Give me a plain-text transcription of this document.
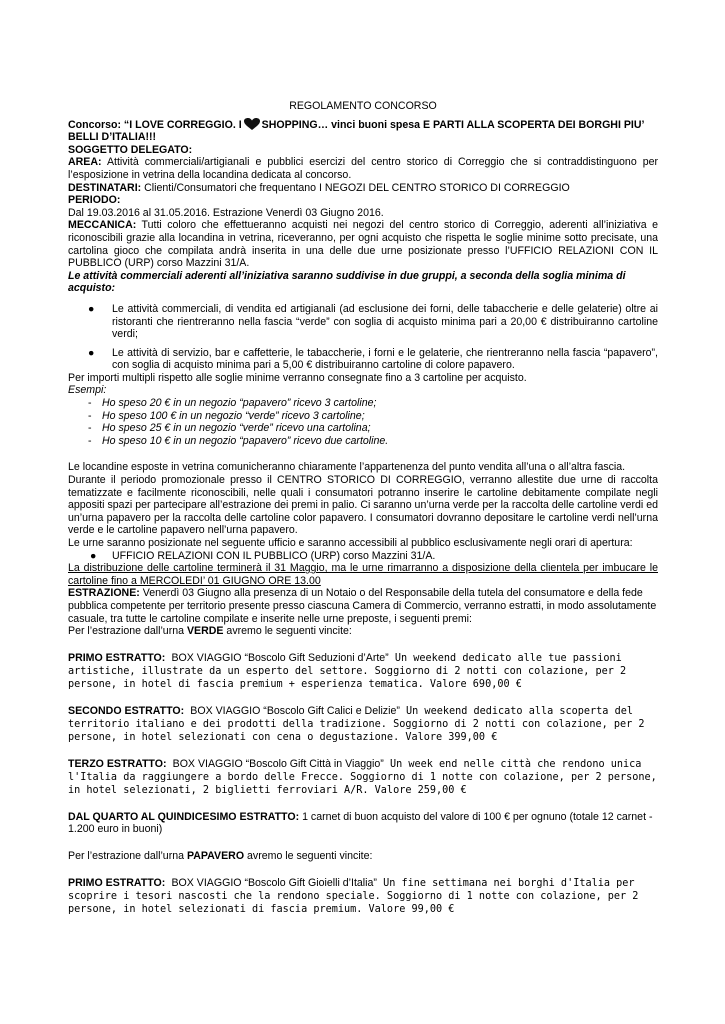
REGOLAMENTO CONCORSO

Concorso: “I LOVE CORREGGIO. I SHOPPING… vinci buoni spesa E PARTI ALLA SCOPERTA DEI BORGHI PIU’ BELLI D’ITALIA!!!

SOGGETTO DELEGATO:

AREA: Attività commerciali/artigianali e pubblici esercizi del centro storico di Correggio che si contraddistinguono per l’esposizione in vetrina della locandina dedicata al concorso.

DESTINATARI: Clienti/Consumatori che frequentano I NEGOZI DEL CENTRO STORICO DI CORREGGIO

PERIODO:

Dal 19.03.2016 al 31.05.2016. Estrazione Venerdì 03 Giugno 2016.

MECCANICA: Tutti coloro che effettueranno acquisti nei negozi del centro storico di Correggio, aderenti all’iniziativa e riconoscibili grazie alla locandina in vetrina, riceveranno, per ogni acquisto che rispetta le soglie minime sotto precisate, una cartolina gioco che compilata andrà inserita in una delle due urne posizionate presso l’UFFICIO RELAZIONI CON IL PUBBLICO (URP) corso Mazzini 31/A.

Le attività commerciali aderenti all’iniziativa saranno suddivise in due gruppi, a seconda della soglia minima di acquisto:

● Le attività commerciali, di vendita ed artigianali (ad esclusione dei forni, delle tabaccherie e delle gelaterie) oltre ai ristoranti che rientreranno nella fascia “verde” con soglia di acquisto minima pari a 20,00 € distribuiranno cartoline verdi;
● Le attività di servizio, bar e caffetterie, le tabaccherie, i forni e le gelaterie, che rientreranno nella fascia “papavero”, con soglia di acquisto minima pari a 5,00 € distribuiranno cartoline di colore papavero.

Per importi multipli rispetto alle soglie minime verranno consegnate fino a 3 cartoline per acquisto.

Esempi:

- Ho speso 20 € in un negozio “papavero” ricevo 3 cartoline;
- Ho speso 100 € in un negozio “verde” ricevo 3 cartoline;
- Ho speso 25 € in un negozio “verde” ricevo una cartolina;
- Ho speso 10 € in un negozio “papavero” ricevo due cartoline.

Le locandine esposte in vetrina comunicheranno chiaramente l’appartenenza del punto vendita all’una o all’altra fascia.

Durante il periodo promozionale presso il CENTRO STORICO DI CORREGGIO, verranno allestite due urne di raccolta tematizzate e facilmente riconoscibili, nelle quali i consumatori potranno inserire le cartoline debitamente compilate negli appositi spazi per partecipare all’estrazione dei premi in palio. Ci saranno un’urna verde per la raccolta delle cartoline verdi ed un’urna papavero per la raccolta delle cartoline color papavero. I consumatori dovranno depositare le cartoline verdi nell’urna verde e le cartoline papavero nell’urna papavero.

Le urne saranno posizionate nel seguente ufficio e saranno accessibili al pubblico esclusivamente negli orari di apertura:

● UFFICIO RELAZIONI CON IL PUBBLICO (URP) corso Mazzini 31/A.

La distribuzione delle cartoline terminerà il 31 Maggio, ma le urne rimarranno a disposizione della clientela per imbucare le cartoline fino a MERCOLEDI’ 01 GIUGNO ORE 13.00

ESTRAZIONE: Venerdì 03 Giugno alla presenza di un Notaio o del Responsabile della tutela del consumatore e della fede pubblica competente per territorio presente presso ciascuna Camera di Commercio, verranno estratti, in modo assolutamente casuale, tra tutte le cartoline compilate e inserite nelle urne preposte, i seguenti premi:

Per l’estrazione dall’urna VERDE avremo le seguenti vincite:

PRIMO ESTRATTO: BOX VIAGGIO “Boscolo Gift Seduzioni d’Arte” Un weekend dedicato alle tue passioni artistiche, illustrate da un esperto del settore. Soggiorno di 2 notti con colazione, per 2 persone, in hotel di fascia premium + esperienza tematica. Valore 690,00 €

SECONDO ESTRATTO: BOX VIAGGIO “Boscolo Gift Calici e Delizie” Un weekend dedicato alla scoperta del territorio italiano e dei prodotti della tradizione. Soggiorno di 2 notti con colazione, per 2 persone, in hotel selezionati con cena o degustazione. Valore 399,00 €

TERZO ESTRATTO: BOX VIAGGIO “Boscolo Gift Città in Viaggio” Un week end nelle città che rendono unica l'Italia da raggiungere a bordo delle Frecce. Soggiorno di 1 notte con colazione, per 2 persone, in hotel selezionati, 2 biglietti ferroviari A/R. Valore 259,00 €

DAL QUARTO AL QUINDICESIMO ESTRATTO: 1 carnet di buon acquisto del valore di 100 € per ognuno (totale 12 carnet - 1.200 euro in buoni)

Per l’estrazione dall’urna PAPAVERO avremo le seguenti vincite:

PRIMO ESTRATTO: BOX VIAGGIO “Boscolo Gift Gioielli d’Italia” Un fine settimana nei borghi d'Italia per scoprire i tesori nascosti che la rendono speciale. Soggiorno di 1 notte con colazione, per 2 persone, in hotel selezionati di fascia premium. Valore 99,00 €
